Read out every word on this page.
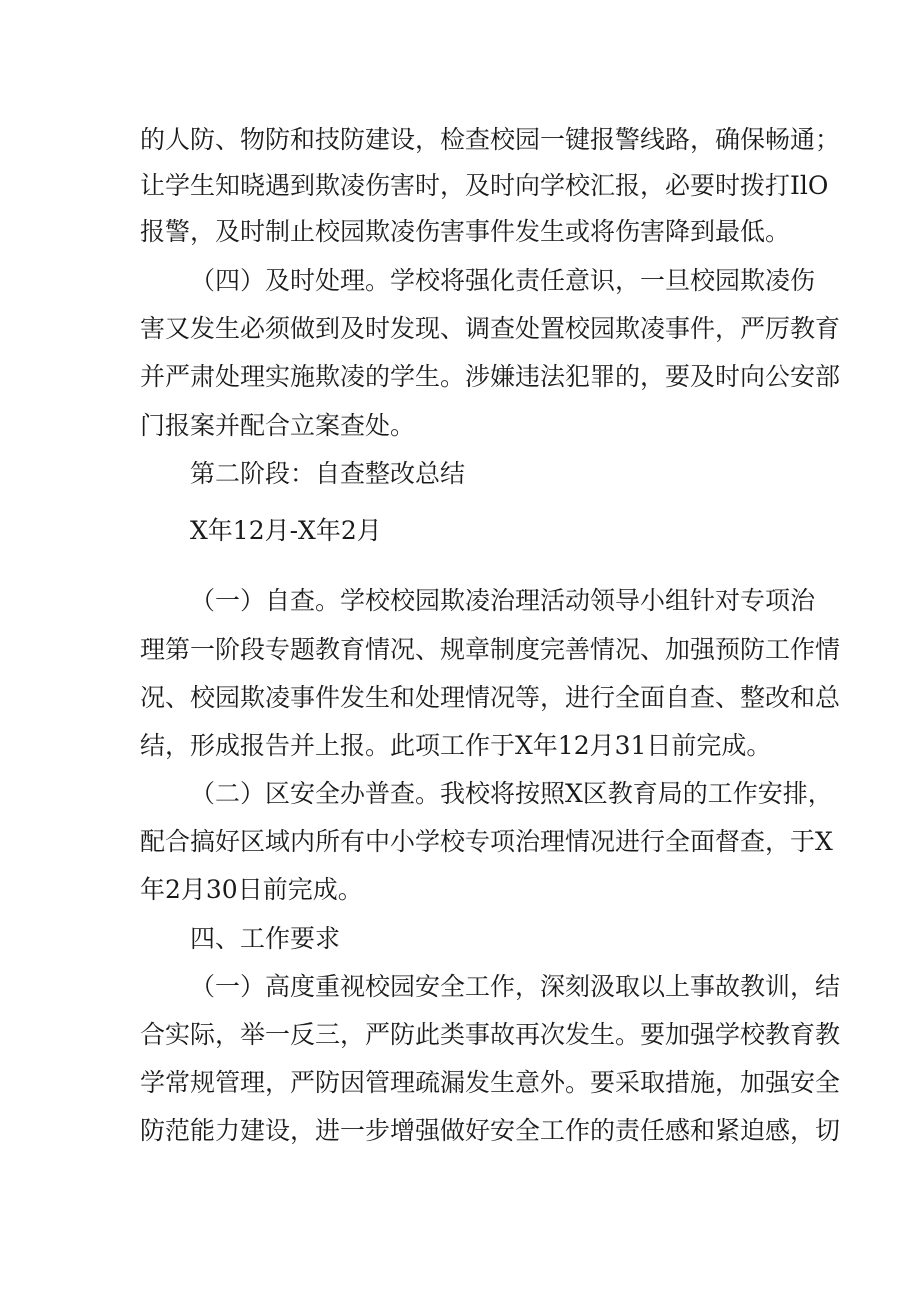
的人防、物防和技防建设，检查校园一键报警线路，确保畅通；
让学生知晓遇到欺凌伤害时，及时向学校汇报，必要时拨打IlO
报警，及时制止校园欺凌伤害事件发生或将伤害降到最低。
（四）及时处理。学校将强化责任意识，一旦校园欺凌伤
害又发生必须做到及时发现、调查处置校园欺凌事件，严厉教育
并严肃处理实施欺凌的学生。涉嫌违法犯罪的，要及时向公安部
门报案并配合立案查处。
第二阶段：自查整改总结
X年12月-X年2月
（一）自查。学校校园欺凌治理活动领导小组针对专项治
理第一阶段专题教育情况、规章制度完善情况、加强预防工作情
况、校园欺凌事件发生和处理情况等，进行全面自查、整改和总
结，形成报告并上报。此项工作于X年12月31日前完成。
（二）区安全办普查。我校将按照X区教育局的工作安排，
配合搞好区域内所有中小学校专项治理情况进行全面督查，于X
年2月30日前完成。
四、工作要求
（一）高度重视校园安全工作，深刻汲取以上事故教训，结
合实际，举一反三，严防此类事故再次发生。要加强学校教育教
学常规管理，严防因管理疏漏发生意外。要采取措施，加强安全
防范能力建设，进一步增强做好安全工作的责任感和紧迫感，切
